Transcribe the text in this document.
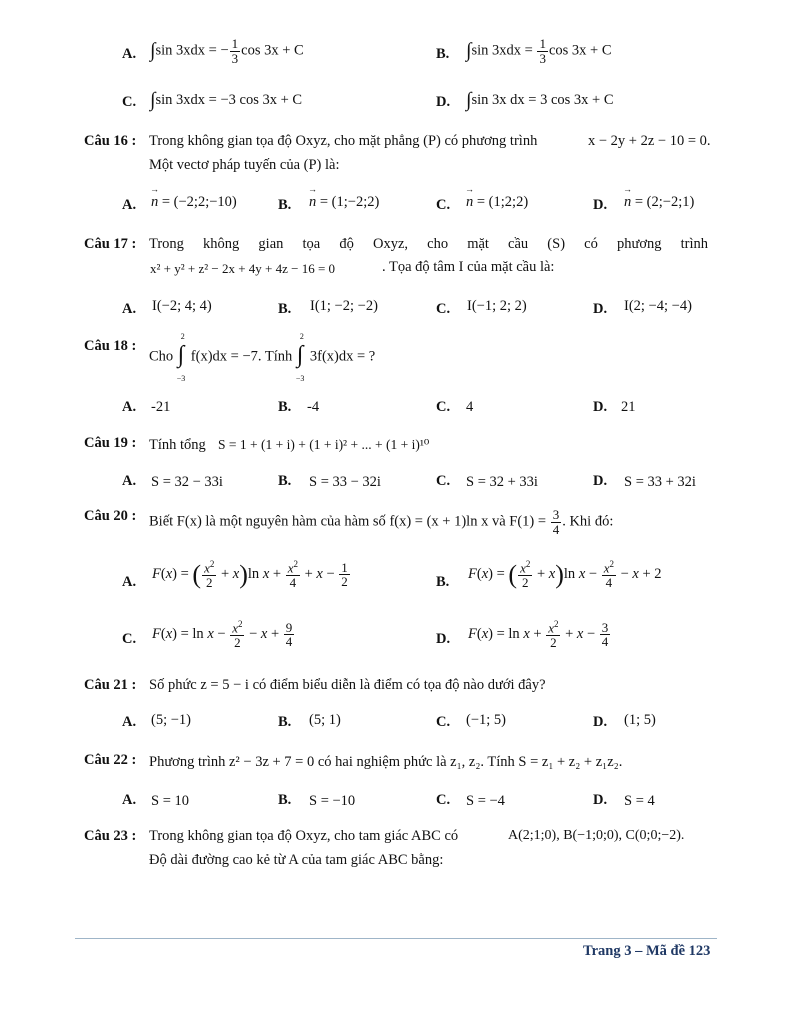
A. ∫sin 3xdx = − $\frac{1}{3}$ cos 3x + C	B. ∫sin $3xdx = \frac{1}{3}$ cos 3x + C
C. ∫sin 3xdx = −3 cos 3x + C	D. ∫sin 3x dx = 3 cos 3x + C
Câu 16 : Trong không gian tọa độ Oxyz, cho mặt phẳng (P) có phương trình	x − 2y + 2z − 10 = 0.
Một vectơ pháp tuyến của (P) là:
A. → n = (−2;2;−10)	B. → n = (1;−2;2)	C. → n = (1;2;2)	D. → n = (2;−2;1)
Câu 17 : Trong không gian tọa độ Oxyz, cho mặt cầu (S) có phương trình
x² + y² + z² − 2x + 4y + 4z − 16 = 0	. Tọa độ tâm I của mặt cầu là:
A. I(−2; 4; 4)	B. I(1; −2; −2)	C. I(−1; 2; 2)	D. I(2; −4; −4)
Câu 18 :
Cho
2
∫
−3
f(x)dx = −7. Tính
2
∫
−3
3f(x)dx = ?
A. -21	B. -4	C. 4	D. 21
Câu 19 : Tính tổng S = 1 + (1 + i) + (1 + i)² + ... + (1 + i)¹⁰
A. S = 32 − 33i	B. S = 33 − 32i	C. S = 32 + 33i	D. S = 33 + 32i
Câu 20 : Biết F(x) là một nguyên hàm của hàm số f(x) = (x + 1)ln x và $F(1) = \frac{3}{4}$ . Khi đó:
A. F(x) = ( $\frac{x^2}{2} + x)\ln$ $x + \frac{x^2}{4} + x - \frac{1}{2}$	B. F(x) = ( $\frac{x^2}{2} + x)\ln$ $x - \frac{x^2}{4} - x + 2$
C. $F(x) = \ln x - \frac{x^2}{2} - x + \frac{9}{4}$	D. $F(x) = \ln x + \frac{x^2}{2} + x - \frac{3}{4}$
Câu 21 : Số phức z = 5 − i có điểm biểu diễn là điểm có tọa độ nào dưới đây?
A. (5; −1)	B. (5; 1)	C. (−1; 5)	D. (1; 5)
Câu 22 : Phương trình z² − 3z + 7 = 0 có hai nghiệm phức là z₁, z₂. Tính S = z₁ + z₂ + z₁z₂.
A. S = 10	B. S = −10	C. S = −4	D. S = 4
Câu 23 : Trong không gian tọa độ Oxyz, cho tam giác ABC có	A(2;1;0), B(−1;0;0), C(0;0;−2).
Độ dài đường cao kẻ từ A của tam giác ABC bằng:
Trang 3 – Mã đề 123
